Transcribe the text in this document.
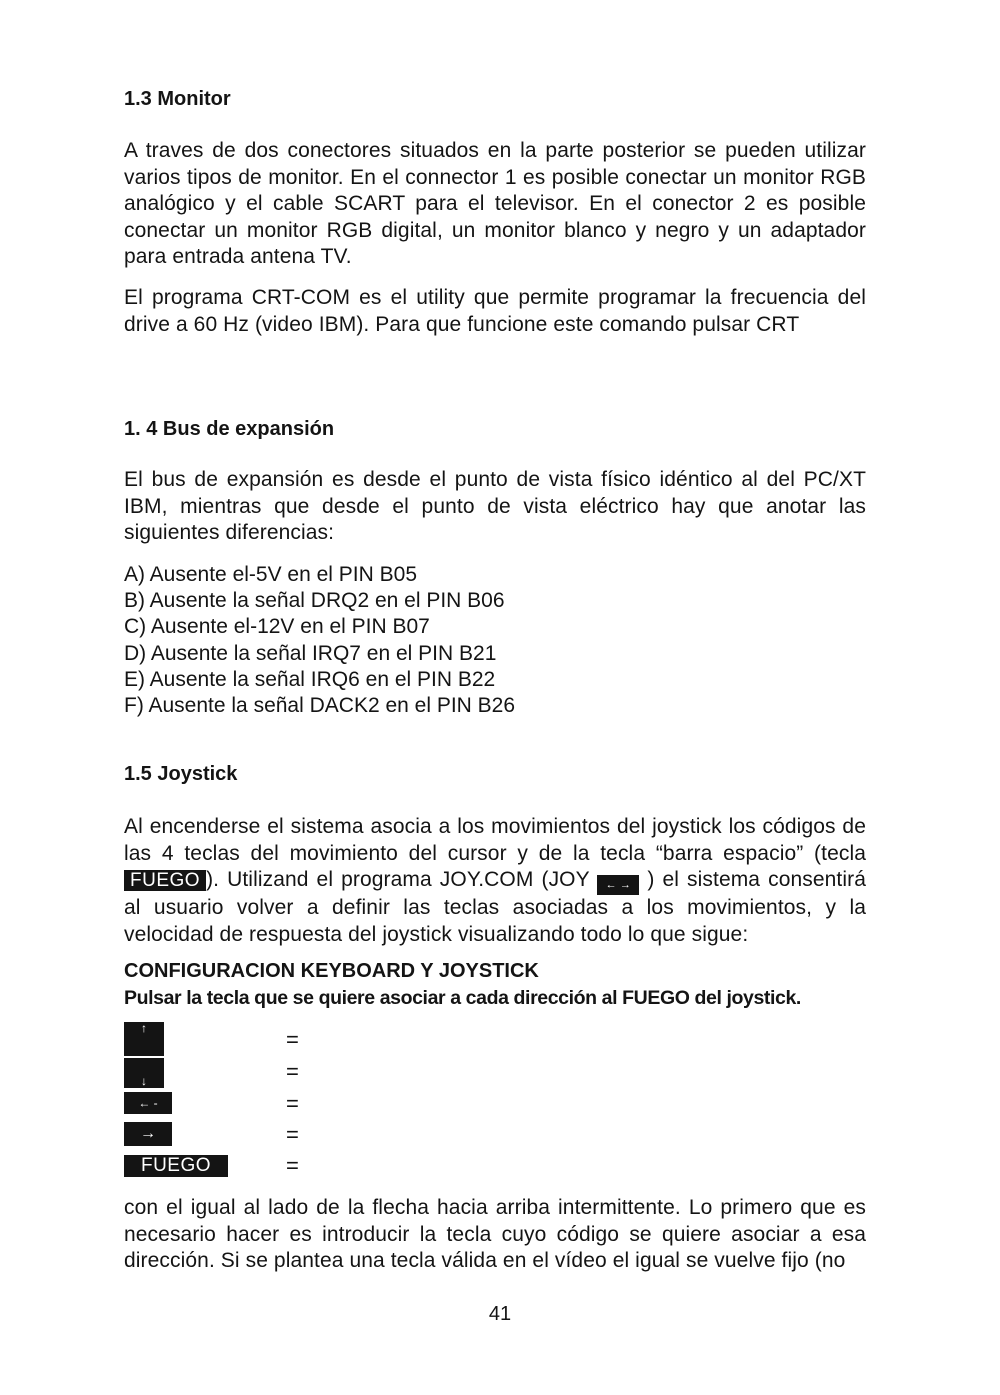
1.3 Monitor

A traves de dos conectores situados en la parte posterior se pueden utilizar varios tipos de monitor. En el connector 1 es posible conectar un monitor RGB analógico y el cable SCART para el televisor. En el conector 2 es posible conectar un monitor RGB digital, un monitor blanco y negro y un adaptador para entrada antena TV.

El programa CRT-COM es el utility que permite programar la frecuencia del drive a 60 Hz (video IBM). Para que funcione este comando pulsar CRT

1. 4 Bus de expansión

El bus de expansión es desde el punto de vista físico idéntico al del PC/XT IBM, mientras que desde el punto de vista eléctrico hay que anotar las siguientes diferencias:

A) Ausente el-5V en el PIN B05
B) Ausente la señal DRQ2 en el PIN B06
C) Ausente el-12V en el PIN B07
D) Ausente la señal IRQ7 en el PIN B21
E) Ausente la señal IRQ6 en el PIN B22
F) Ausente la señal DACK2 en el PIN B26
1.5 Joystick

Al encenderse el sistema asocia a los movimientos del joystick los códigos de las 4 teclas del movimiento del cursor y de la tecla “barra espacio” (tecla FUEGO ). Utilizand el programa JOY.COM (JOY ← → ) el sistema consentirá al usuario volver a definir las teclas asociadas a los movimientos, y la velocidad de respuesta del joystick visualizando todo lo que sigue:

CONFIGURACION KEYBOARD Y JOYSTICK
Pulsar la tecla que se quiere asociar a cada dirección al FUEGO del joystick.
↑	=
↓	=
← -	=
→	=
FUEGO	=

con el igual al lado de la flecha hacia arriba intermittente. Lo primero que es necesario hacer es introducir la tecla cuyo código se quiere asociar a esa dirección. Si se plantea una tecla válida en el vídeo el igual se vuelve fijo (no

41
